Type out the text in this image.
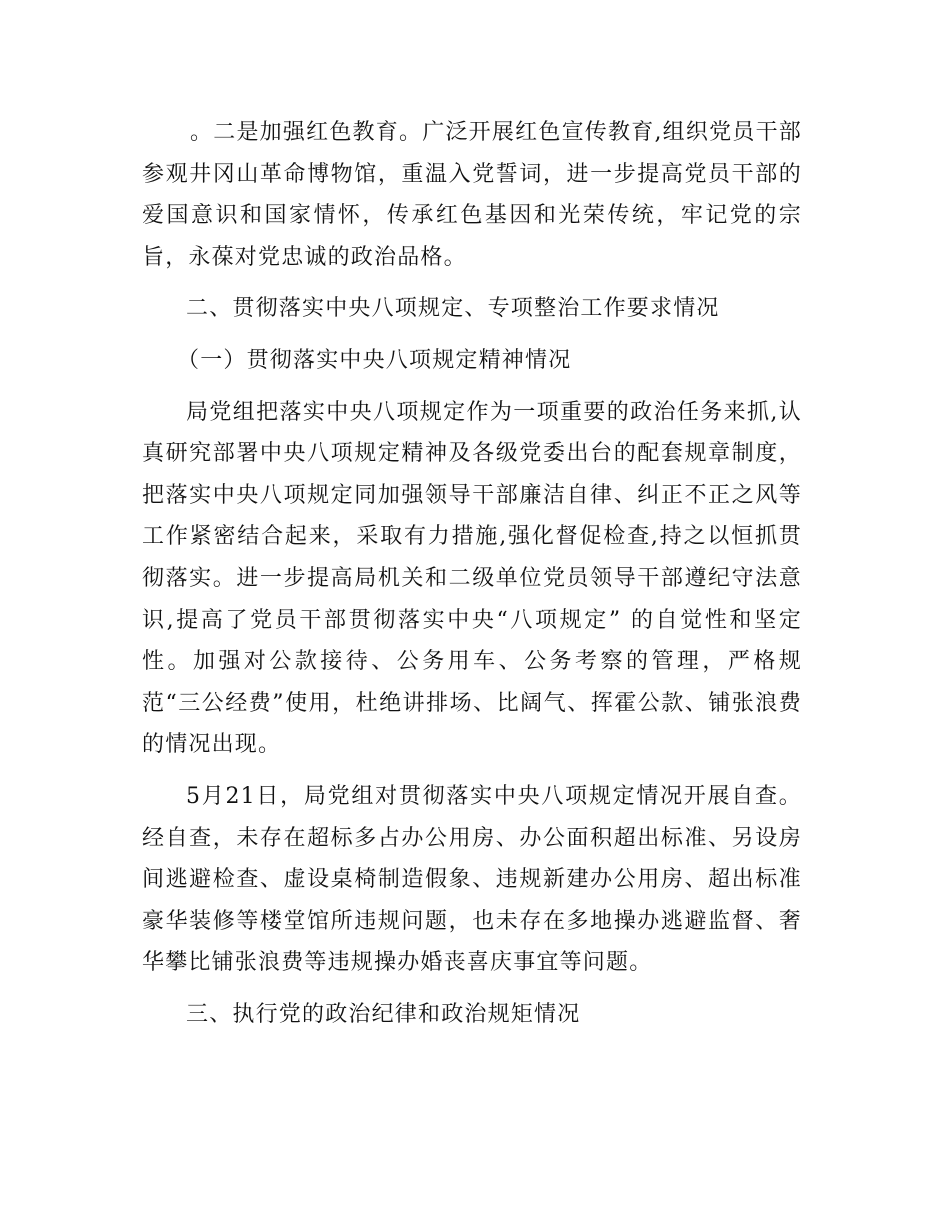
。二是加强红色教育。广泛开展红色宣传教育,组织党员干部参观井冈山革命博物馆，重温入党誓词，进一步提高党员干部的爱国意识和国家情怀，传承红色基因和光荣传统，牢记党的宗旨，永葆对党忠诚的政治品格。

二、贯彻落实中央八项规定、专项整治工作要求情况

（一）贯彻落实中央八项规定精神情况

局党组把落实中央八项规定作为一项重要的政治任务来抓,认真研究部署中央八项规定精神及各级党委出台的配套规章制度，把落实中央八项规定同加强领导干部廉洁自律、纠正不正之风等工作紧密结合起来，采取有力措施,强化督促检查,持之以恒抓贯彻落实。进一步提高局机关和二级单位党员领导干部遵纪守法意识,提高了党员干部贯彻落实中央“八项规定” 的自觉性和坚定性。加强对公款接待、公务用车、公务考察的管理，严格规范“三公经费”使用，杜绝讲排场、比阔气、挥霍公款、铺张浪费的情况出现。

5月21日，局党组对贯彻落实中央八项规定情况开展自查。经自查，未存在超标多占办公用房、办公面积超出标准、另设房间逃避检查、虚设桌椅制造假象、违规新建办公用房、超出标准豪华装修等楼堂馆所违规问题，也未存在多地操办逃避监督、奢华攀比铺张浪费等违规操办婚丧喜庆事宜等问题。

三、执行党的政治纪律和政治规矩情况
